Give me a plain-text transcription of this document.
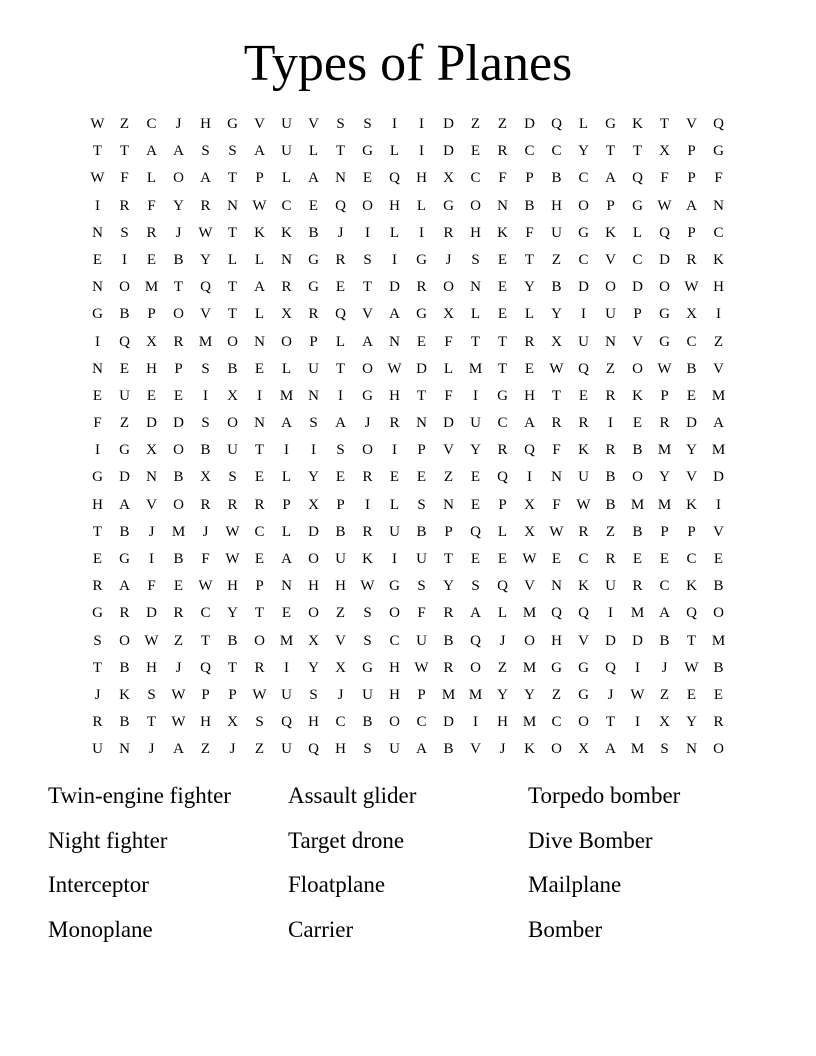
Types of Planes
W	Z	C	J	H	G	V	U	V	S	S	I	I	D	Z	Z	D	Q	L	G	K	T	V	Q
T	T	A	A	S	S	A	U	L	T	G	L	I	D	E	R	C	C	Y	T	T	X	P	G
W	F	L	O	A	T	P	L	A	N	E	Q	H	X	C	F	P	B	C	A	Q	F	P	F
I	R	F	Y	R	N W C	E	Q	O	H	L	G	O	N	B	H	O	P	G W A	N
N	S	R	J	W	T	K	K	B	J	I	L	I	R	H	K	F	U	G	K	L	Q	P	C
E	I	E	B	Y	L	L	N	G	R	S	I	G	J	S	E	T	Z	C	V	C	D	R	K
N	O M	T	Q	T	A	R	G	E	T	D	R	O	N	E	Y	B	D	O	D	O W H
G	B	P	O	V	T	L	X	R	Q	V	A	G	X	L	E	L	Y	I	U	P	G	X	I
I	Q	X	R	M O	N	O	P	L	A	N	E	F	T	T	R	X	U	N	V	G	C	Z
N	E	H	P	S	B	E	L	U	T	O W D	L	M	T	E	W Q	Z	O W B	V
E	U	E	E	I	X	I	M N	I	G	H	T	F	I	G	H	T	E	R	K	P	E	M
F	Z	D	D	S	O	N	A	S	A	J	R	N	D	U	C	A	R	R	I	E	R	D	A
I	G	X	O	B	U	T	I	I	S	O	I	P	V	Y	R	Q	F	K	R	B	M Y M
G	D	N	B	X	S	E	L	Y	E	R	E	E	Z	E	Q	I	N	U	B	O	Y	V	D
H	A	V	O	R	R	R	P	X	P	I	L	S	N	E	P	X	F	W B	M M K	I
T	B	J	M	J	W C	L	D	B	R	U	B	P	Q	L	X W R	Z	B	P	P	V
E	G	I	B	F	W	E	A	O	U	K	I	U	T	E	E	W	E	C	R	E	E	C	E
R	A	F	E	W H	P	N	H	H W G	S	Y	S	Q	V	N	K	U	R	C	K	B
G	R	D	R	C	Y	T	E	O	Z	S	O	F	R	A	L	M Q	Q	I	M A	Q	O
S	O W	Z	T	B	O M X	V	S	C	U	B	Q	J	O	H	V	D	D	B	T	M
T	B	H	J	Q	T	R	I	Y	X	G	H W R	O	Z	M G	G	Q	I	J	W B
J	K	S	W	P	P	W U	S	J	U	H	P	M M Y	Y	Z	G	J	W	Z	E	E
R	B	T	W H	X	S	Q	H	C	B	O	C	D	I	H M	C	O	T	I	X	Y	R
U	N	J	A	Z	J	Z	U	Q	H	S	U	A	B	V	J	K	O	X	A M	S	N	O
Twin-engine fighter	Assault glider	Torpedo bomber
Night fighter	Target drone	Dive Bomber
Interceptor	Floatplane	Mailplane
Monoplane	Carrier	Bomber
